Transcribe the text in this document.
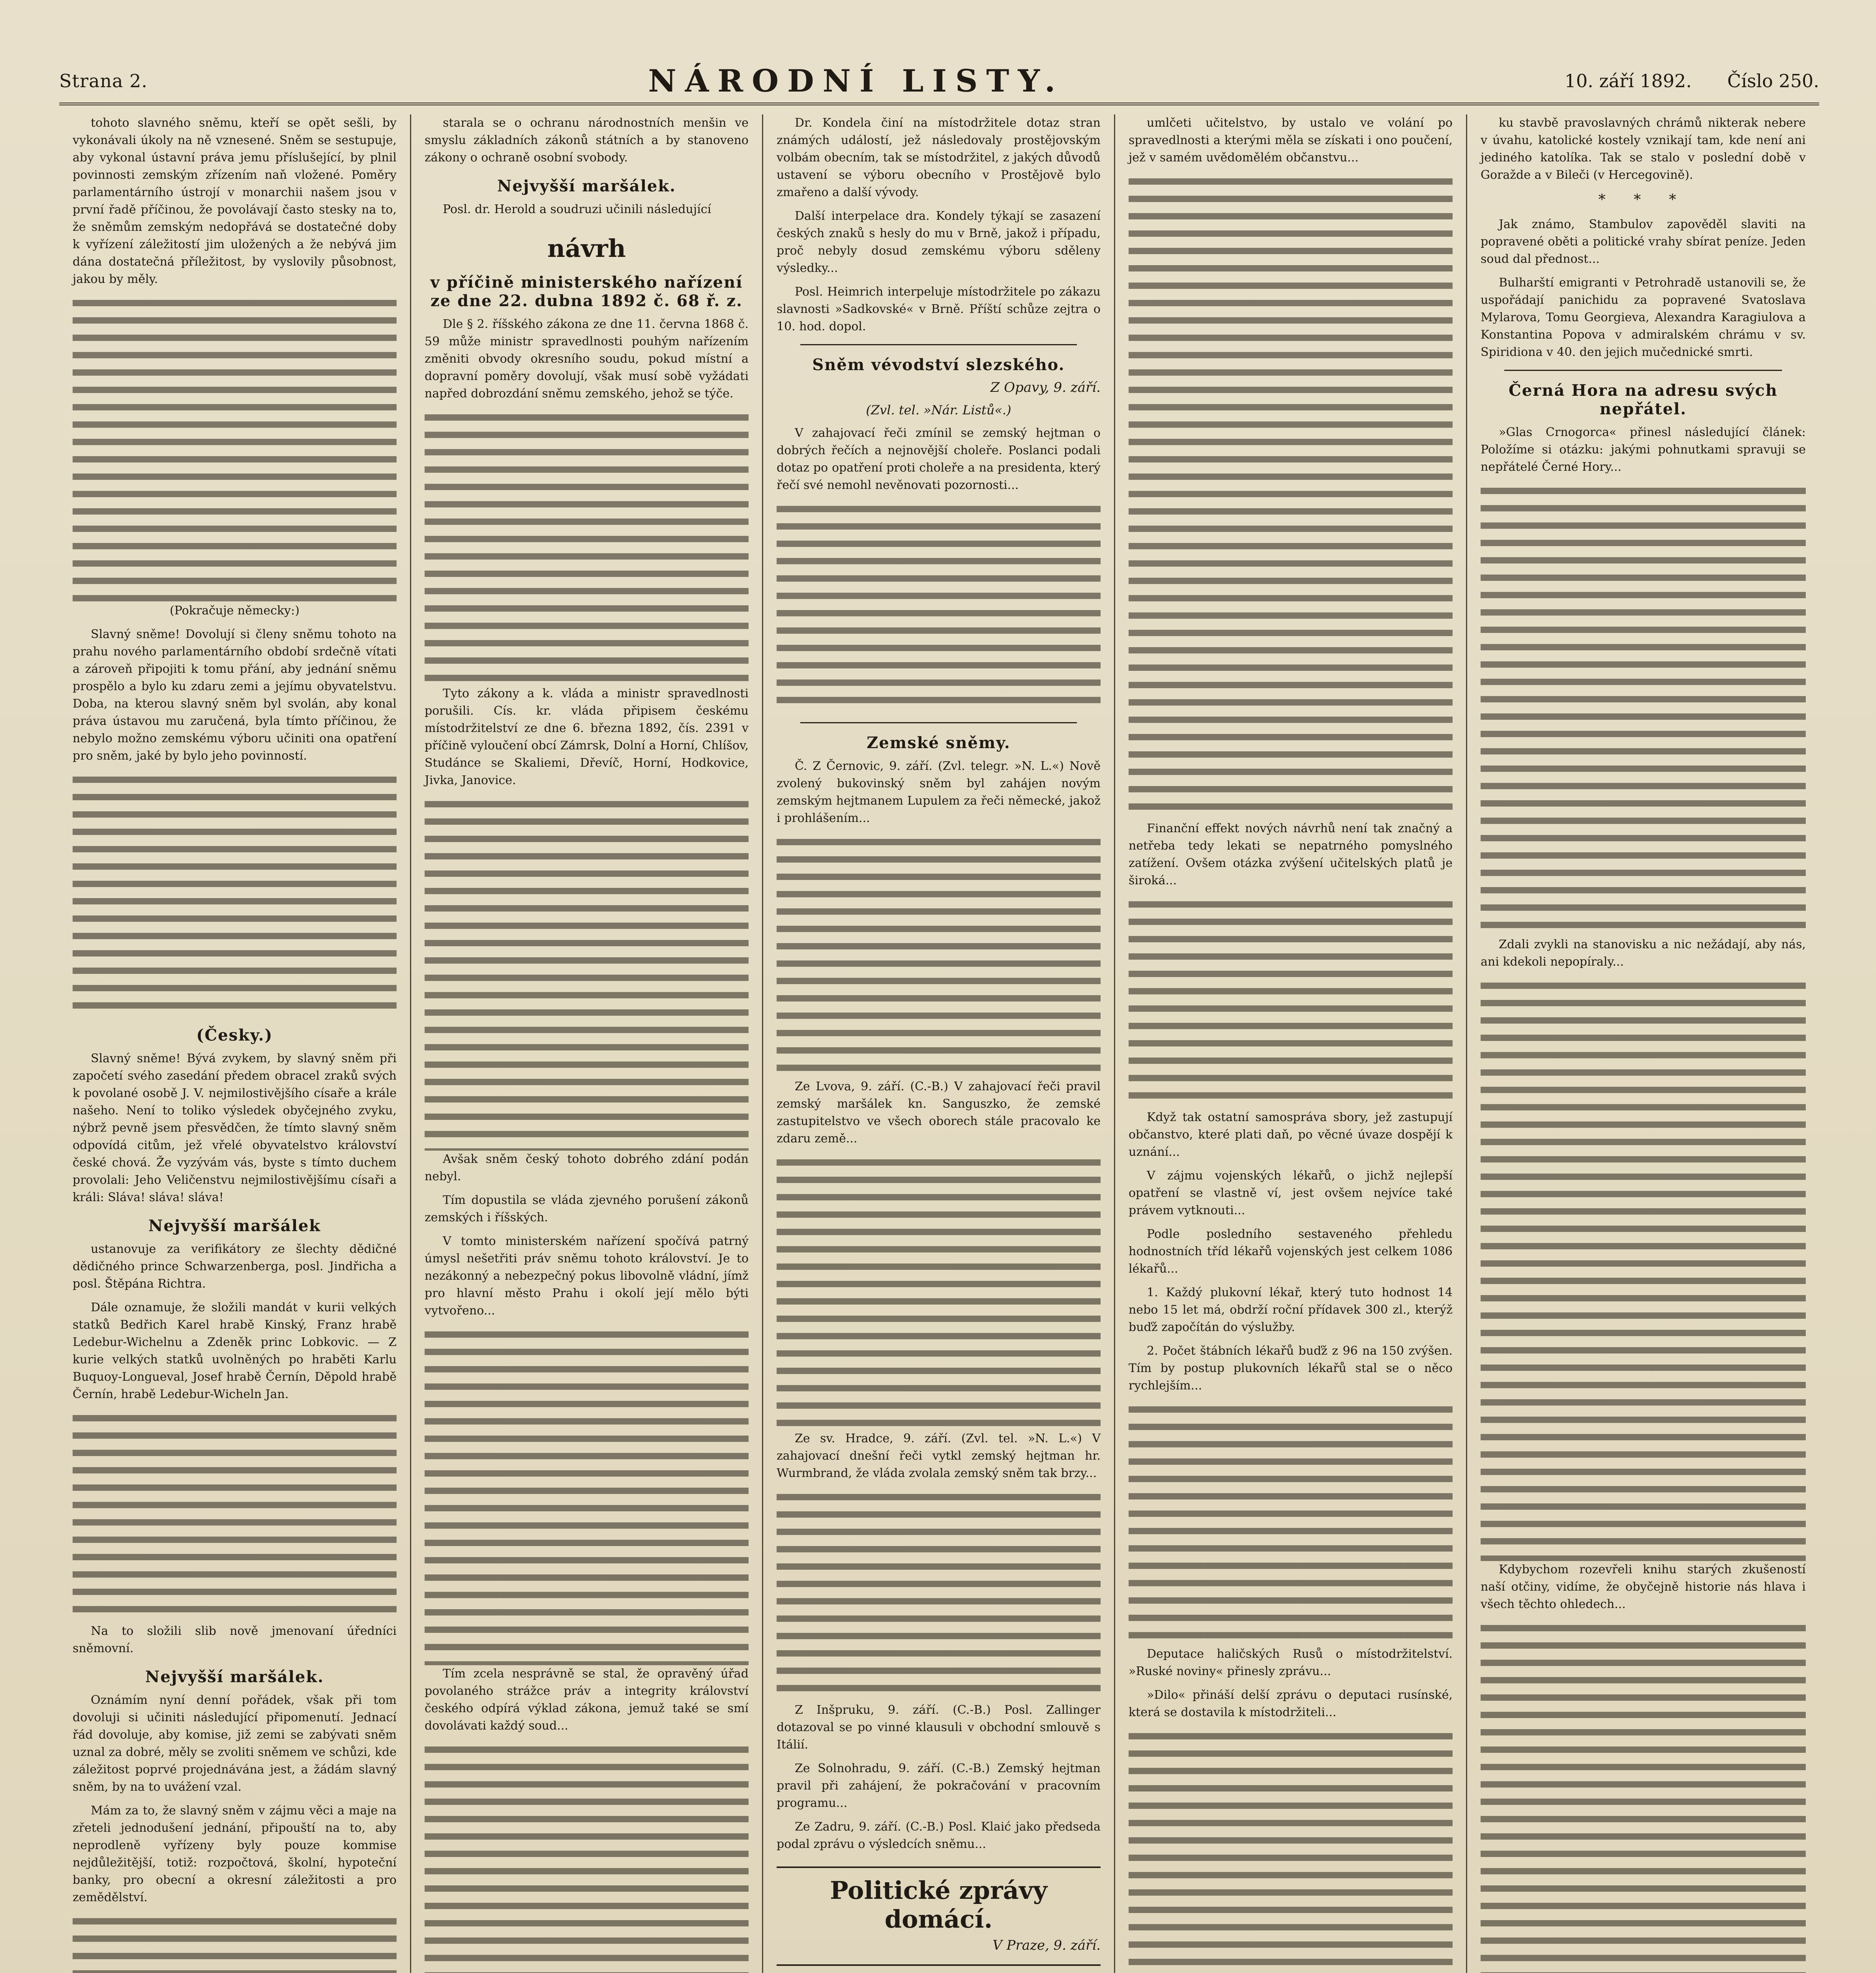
Strana 2.	NÁRODNÍ LISTY.	10. září 1892. Číslo 250.

tohoto slavného sněmu, kteří se opět sešli, by vykonávali úkoly na ně vznesené. Sněm se sestupuje, aby vykonal ústavní práva jemu příslušející, by plnil povinnosti zemským zřízením naň vložené. Poměry parlamentárního ústrojí v monarchii našem jsou v první řadě příčinou, že povolávají často stesky na to, že sněmům zemským nedopřává se dostatečné doby k vyřízení záležitostí jim uložených a že nebývá jim dána dostatečná příležitost, by vyslovily působnost, jakou by měly.

(Pokračuje německy:)

Slavný sněme! Dovolují si členy sněmu tohoto na prahu nového parlamentárního období srdečně vítati a zároveň připojiti k tomu přání, aby jednání sněmu prospělo a bylo ku zdaru zemi a jejímu obyvatelstvu. Doba, na kterou slavný sněm byl svolán, aby konal práva ústavou mu zaručená, byla tímto příčinou, že nebylo možno zemskému výboru učiniti ona opatření pro sněm, jaké by bylo jeho povinností.

(Česky.)

Slavný sněme! Bývá zvykem, by slavný sněm při započetí svého zasedání předem obracel zraků svých k povolané osobě J. V. nejmilostivějšího císaře a krále našeho. Není to toliko výsledek obyčejného zvyku, nýbrž pevně jsem přesvědčen, že tímto slavný sněm odpovídá citům, jež vřelé obyvatelstvo království české chová. Že vyzývám vás, byste s tímto duchem provolali: Jeho Veličenstvu nejmilostivějšímu císaři a králi: Sláva! sláva! sláva!

Nejvyšší maršálek

ustanovuje za verifikátory ze šlechty dědičné dědičného prince Schwarzenberga, posl. Jindřicha a posl. Štěpána Richtra.

Dále oznamuje, že složili mandát v kurii velkých statků Bedřich Karel hrabě Kinský, Franz hrabě Ledebur-Wichelnu a Zdeněk princ Lobkovic. — Z kurie velkých statků uvolněných po hraběti Karlu Buquoy-Longueval, Josef hrabě Černín, Děpold hrabě Černín, hrabě Ledebur-Wicheln Jan.

Na to složili slib nově jmenovaní úředníci sněmovní.

Nejvyšší maršálek.

Oznámím nyní denní pořádek, však při tom dovoluji si učiniti následující připomenutí. Jednací řád dovoluje, aby komise, již zemi se zabývati sněm uznal za dobré, měly se zvoliti sněmem ve schůzi, kde záležitost poprvé projednávána jest, a žádám slavný sněm, by na to uvážení vzal.

Mám za to, že slavný sněm v zájmu věci a maje na zřeteli jednodušení jednání, připouští na to, aby neprodleně vyřízeny byly pouze kommise nejdůležitější, totiž: rozpočtová, školní, hypoteční banky, pro obecní a okresní záležitosti a pro zemědělství.

starala se o ochranu národnostních menšin ve smyslu základních zákonů státních a by stanoveno zákony o ochraně osobní svobody.

Nejvyšší maršálek.

Posl. dr. Herold a soudruzi učinili následující

návrh
v příčině ministerského nařízení ze dne 22. dubna 1892 č. 68 ř. z.

Dle § 2. říšského zákona ze dne 11. června 1868 č. 59 může ministr spravedlnosti pouhým nařízením změniti obvody okresního soudu, pokud místní a dopravní poměry dovolují, však musí sobě vyžádati napřed dobrozdání sněmu zemského, jehož se týče.

Tyto zákony a k. vláda a ministr spravedlnosti porušili. Cís. kr. vláda připisem českému místodržitelství ze dne 6. března 1892, čís. 2391 v příčině vyloučení obcí Zámrsk, Dolní a Horní, Chlíšov, Studánce se Skaliemi, Dřevíč, Horní, Hodkovice, Jivka, Janovice.

Avšak sněm český tohoto dobrého zdání podán nebyl.

Tím dopustila se vláda zjevného porušení zákonů zemských i říšských.

V tomto ministerském nařízení spočívá patrný úmysl nešetřiti práv sněmu tohoto království. Je to nezákonný a nebezpečný pokus libovolně vládní, jímž pro hlavní město Prahu i okolí její mělo býti vytvořeno...

Tím zcela nesprávně se stal, že opravěný úřad povolaného strážce práv a integrity království českého odpírá výklad zákona, jemuž také se smí dovolávati každý soud...

Dr. Kondela činí na místodržitele dotaz stran známých událostí, jež následovaly prostějovským volbám obecním, tak se místodržitel, z jakých důvodů ustavení se výboru obecního v Prostějově bylo zmařeno a další vývody.

Další interpelace dra. Kondely týkají se zasazení českých znaků s hesly do mu v Brně, jakož i případu, proč nebyly dosud zemskému výboru sděleny výsledky...

Posl. Heimrich interpeluje místodržitele po zákazu slavnosti »Sadkovské« v Brně. Příští schůze zejtra o 10. hod. dopol.

Sněm vévodství slezského.
Z Opavy, 9. září.
(Zvl. tel. »Nár. Listů«.)

V zahajovací řeči zmínil se zemský hejtman o dobrých řečích a nejnovější choleře. Poslanci podali dotaz po opatření proti choleře a na presidenta, který řečí své nemohl nevěnovati pozornosti...

Zemské sněmy.

Č. Z Černovic, 9. září. (Zvl. telegr. »N. L.«) Nově zvolený bukovinský sněm byl zahájen novým zemským hejtmanem Lupulem za řeči německé, jakož i prohlášením...

Ze Lvova, 9. září. (C.-B.) V zahajovací řeči pravil zemský maršálek kn. Sanguszko, že zemské zastupitelstvo ve všech oborech stále pracovalo ke zdaru země...

Ze sv. Hradce, 9. září. (Zvl. tel. »N. L.«) V zahajovací dnešní řeči vytkl zemský hejtman hr. Wurmbrand, že vláda zvolala zemský sněm tak brzy...

Z Inšpruku, 9. září. (C.-B.) Posl. Zallinger dotazoval se po vinné klausuli v obchodní smlouvě s Itálií.

Ze Solnohradu, 9. září. (C.-B.) Zemský hejtman pravil při zahájení, že pokračování v pracovním programu...

Ze Zadru, 9. září. (C.-B.) Posl. Klaić jako předseda podal zprávu o výsledcích sněmu...

Politické zprávy domácí.
V Praze, 9. září.

umlčeti učitelstvo, by ustalo ve volání po spravedlnosti a kterými měla se získati i ono poučení, jež v samém uvědomělém občanstvu...

Finanční effekt nových návrhů není tak značný a netřeba tedy lekati se nepatrného pomyslného zatížení. Ovšem otázka zvýšení učitelských platů je široká...

Když tak ostatní samospráva sbory, jež zastupují občanstvo, které plati daň, po věcné úvaze dospějí k uznání...

V zájmu vojenských lékařů, o jichž nejlepší opatření se vlastně ví, jest ovšem nejvíce také právem vytknouti...

Podle posledního sestaveného přehledu hodnostních tříd lékařů vojenských jest celkem 1086 lékařů...

1. Každý plukovní lékař, který tuto hodnost 14 nebo 15 let má, obdrží roční přídavek 300 zl., kterýž buďž započítán do výslužby.

2. Počet štábních lékařů buďž z 96 na 150 zvýšen. Tím by postup plukovních lékařů stal se o něco rychlejším...

Deputace haličských Rusů o místodržitelství. »Ruské noviny« přinesly zprávu...

»Dilo« přináší delší zprávu o deputaci rusínské, která se dostavila k místodržiteli...

ku stavbě pravoslavných chrámů nikterak nebere v úvahu, katolické kostely vznikají tam, kde není ani jediného katolíka. Tak se stalo v poslední době v Goražde a v Bileči (v Hercegovině).

* * *

Jak známo, Stambulov zapověděl slaviti na popravené oběti a politické vrahy sbírat peníze. Jeden soud dal přednost...

Bulharští emigranti v Petrohradě ustanovili se, že uspořádají panichidu za popravené Svatoslava Mylarova, Tomu Georgieva, Alexandra Karagiulova a Konstantina Popova v admiralském chrámu v sv. Spiridiona v 40. den jejich mučednické smrti.

Černá Hora na adresu svých nepřátel.

»Glas Crnogorca« přinesl následující článek: Položíme si otázku: jakými pohnutkami spravuji se nepřátelé Černé Hory...

Zdali zvykli na stanovisku a nic nežádají, aby nás, ani kdekoli nepopíraly...

Kdybychom rozevřeli knihu starých zkušeností naší otčiny, vidíme, že obyčejně historie nás hlava i všech těchto ohledech...
